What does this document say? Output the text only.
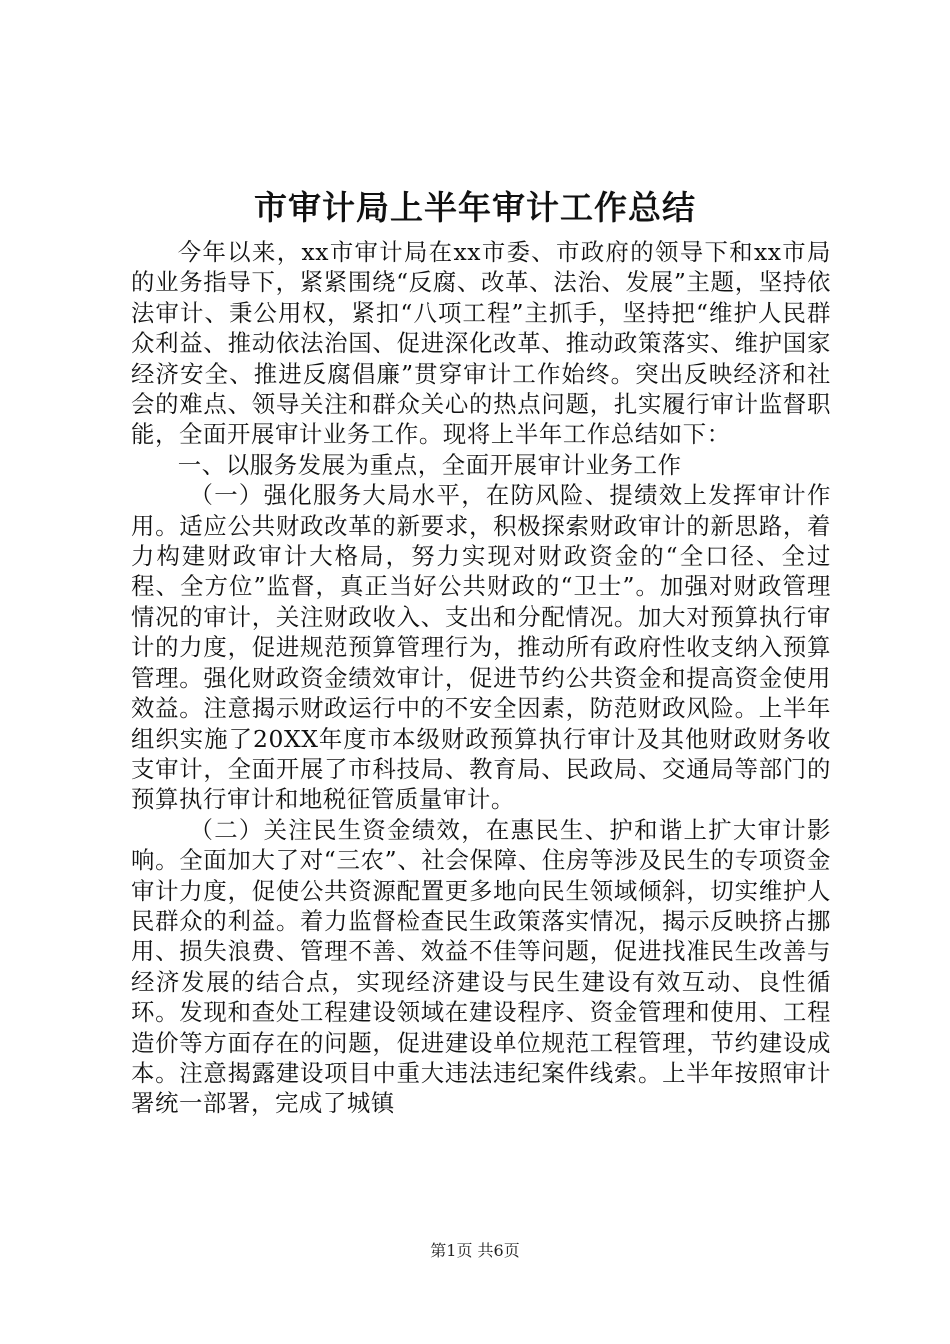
市审计局上半年审计工作总结

今年以来，xx市审计局在xx市委、市政府的领导下和xx市局的业务指导下，紧紧围绕“反腐、改革、法治、发展”主题，坚持依法审计、秉公用权，紧扣“八项工程”主抓手，坚持把“维护人民群众利益、推动依法治国、促进深化改革、推动政策落实、维护国家经济安全、推进反腐倡廉”贯穿审计工作始终。突出反映经济和社会的难点、领导关注和群众关心的热点问题，扎实履行审计监督职能，全面开展审计业务工作。现将上半年工作总结如下：

一、以服务发展为重点，全面开展审计业务工作

（一）强化服务大局水平，在防风险、提绩效上发挥审计作用。适应公共财政改革的新要求，积极探索财政审计的新思路，着力构建财政审计大格局，努力实现对财政资金的“全口径、全过程、全方位”监督，真正当好公共财政的“卫士”。加强对财政管理情况的审计，关注财政收入、支出和分配情况。加大对预算执行审计的力度，促进规范预算管理行为，推动所有政府性收支纳入预算管理。强化财政资金绩效审计，促进节约公共资金和提高资金使用效益。注意揭示财政运行中的不安全因素，防范财政风险。上半年组织实施了20XX年度市本级财政预算执行审计及其他财政财务收支审计，全面开展了市科技局、教育局、民政局、交通局等部门的预算执行审计和地税征管质量审计。

（二）关注民生资金绩效，在惠民生、护和谐上扩大审计影响。全面加大了对“三农”、社会保障、住房等涉及民生的专项资金审计力度，促使公共资源配置更多地向民生领域倾斜，切实维护人民群众的利益。着力监督检查民生政策落实情况，揭示反映挤占挪用、损失浪费、管理不善、效益不佳等问题，促进找准民生改善与经济发展的结合点，实现经济建设与民生建设有效互动、良性循环。发现和查处工程建设领域在建设程序、资金管理和使用、工程造价等方面存在的问题，促进建设单位规范工程管理，节约建设成本。注意揭露建设项目中重大违法违纪案件线索。上半年按照审计署统一部署，完成了城镇

第1页 共6页
